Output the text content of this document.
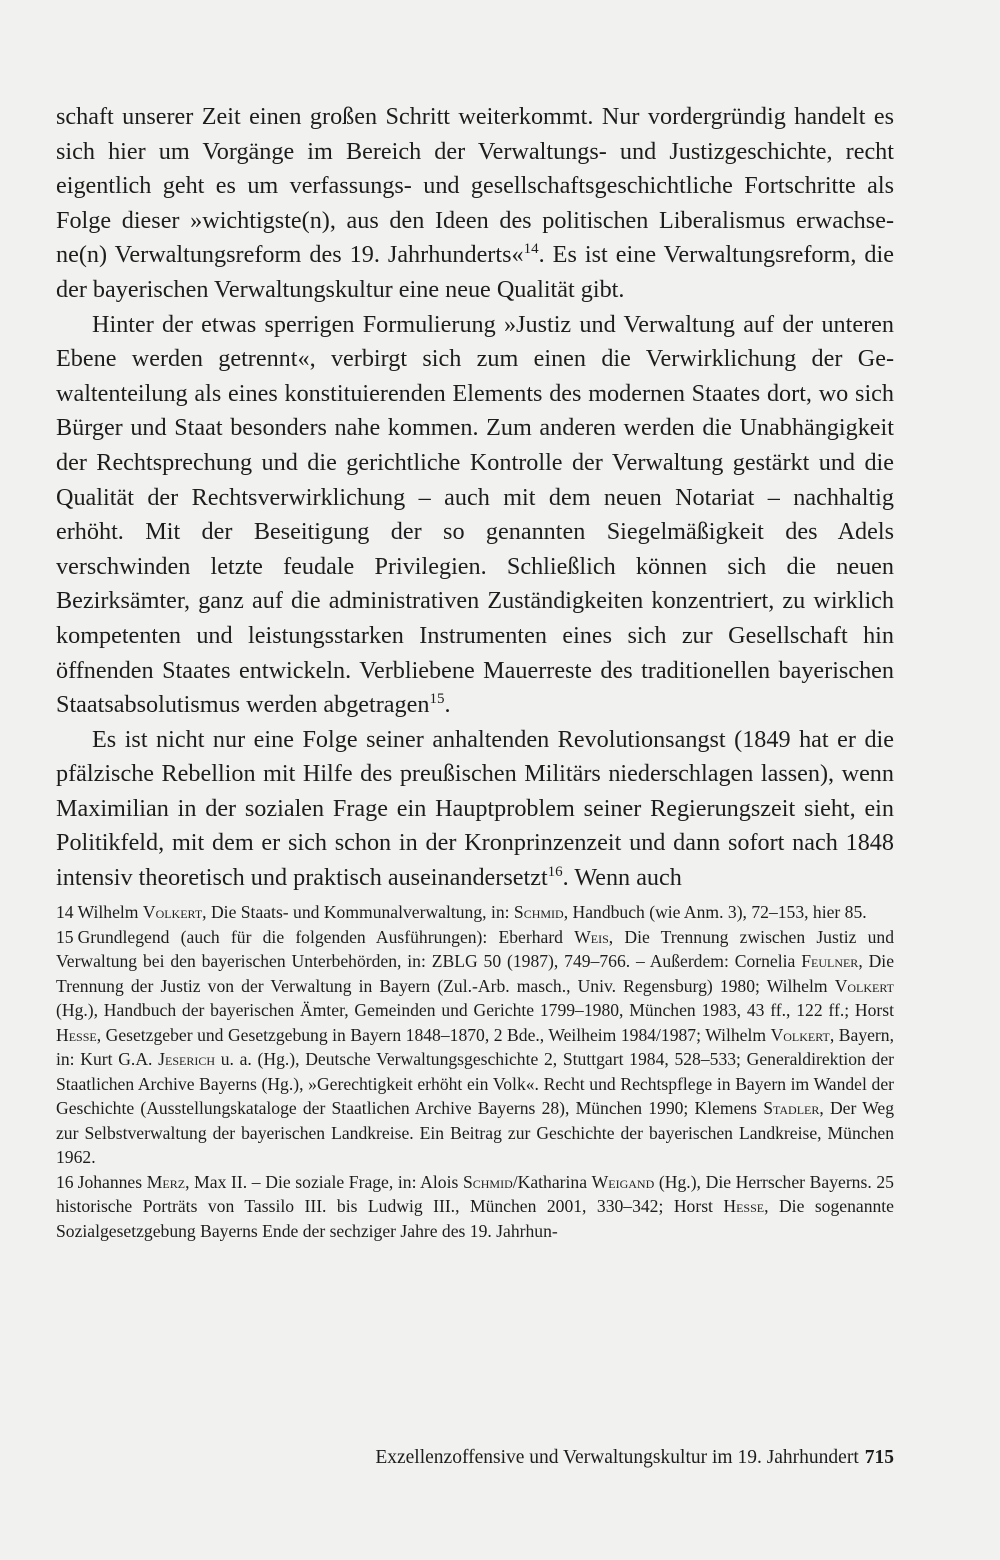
schaft unserer Zeit einen großen Schritt weiterkommt. Nur vordergründig handelt es sich hier um Vorgänge im Bereich der Verwaltungs- und Justizgeschichte, recht eigentlich geht es um verfassungs- und gesellschaftsgeschichtliche Fortschritte als Folge dieser »wichtigste(n), aus den Ideen des politischen Liberalismus erwachsene(n) Verwaltungsreform des 19. Jahrhunderts«$^{14}$. Es ist eine Verwaltungsreform, die der bayerischen Verwaltungskultur eine neue Qualität gibt.

Hinter der etwas sperrigen Formulierung »Justiz und Verwaltung auf der unteren Ebene werden getrennt«, verbirgt sich zum einen die Verwirklichung der Gewaltenteilung als eines konstituierenden Elements des modernen Staates dort, wo sich Bürger und Staat besonders nahe kommen. Zum anderen werden die Unabhängigkeit der Rechtsprechung und die gerichtliche Kontrolle der Verwaltung gestärkt und die Qualität der Rechtsverwirklichung – auch mit dem neuen Notariat – nachhaltig erhöht. Mit der Beseitigung der so genannten Siegelmäßigkeit des Adels verschwinden letzte feudale Privilegien. Schließlich können sich die neuen Bezirksämter, ganz auf die administrativen Zuständigkeiten konzentriert, zu wirklich kompetenten und leistungsstarken Instrumenten eines sich zur Gesellschaft hin öffnenden Staates entwickeln. Verbliebene Mauerreste des traditionellen bayerischen Staatsabsolutismus werden abgetragen$^{15}$.

Es ist nicht nur eine Folge seiner anhaltenden Revolutionsangst (1849 hat er die pfälzische Rebellion mit Hilfe des preußischen Militärs niederschlagen lassen), wenn Maximilian in der sozialen Frage ein Hauptproblem seiner Regierungszeit sieht, ein Politikfeld, mit dem er sich schon in der Kronprinzenzeit und dann sofort nach 1848 intensiv theoretisch und praktisch auseinandersetzt$^{16}$. Wenn auch

14 Wilhelm Volkert, Die Staats- und Kommunalverwaltung, in: Schmid, Handbuch (wie Anm. 3), 72–153, hier 85.

15 Grundlegend (auch für die folgenden Ausführungen): Eberhard Weis, Die Trennung zwischen Justiz und Verwaltung bei den bayerischen Unterbehörden, in: ZBLG 50 (1987), 749–766. – Außerdem: Cornelia Feulner, Die Trennung der Justiz von der Verwaltung in Bayern (Zul.-Arb. masch., Univ. Regensburg) 1980; Wilhelm Volkert (Hg.), Handbuch der bayerischen Ämter, Gemeinden und Gerichte 1799–1980, München 1983, 43 ff., 122 ff.; Horst Hesse, Gesetzgeber und Gesetzgebung in Bayern 1848–1870, 2 Bde., Weilheim 1984/1987; Wilhelm Volkert, Bayern, in: Kurt G.A. Jeserich u. a. (Hg.), Deutsche Verwaltungsgeschichte 2, Stuttgart 1984, 528–533; Generaldirektion der Staatlichen Archive Bayerns (Hg.), »Gerechtigkeit erhöht ein Volk«. Recht und Rechtspflege in Bayern im Wandel der Geschichte (Ausstellungskataloge der Staatlichen Archive Bayerns 28), München 1990; Klemens Stadler, Der Weg zur Selbstverwaltung der bayerischen Landkreise. Ein Beitrag zur Geschichte der bayerischen Landkreise, München 1962.

16 Johannes Merz, Max II. – Die soziale Frage, in: Alois Schmid/Katharina Weigand (Hg.), Die Herrscher Bayerns. 25 historische Porträts von Tassilo III. bis Ludwig III., München 2001, 330–342; Horst Hesse, Die sogenannte Sozialgesetzgebung Bayerns Ende der sechziger Jahre des 19. Jahrhun-

Exzellenzoffensive und Verwaltungskultur im 19. Jahrhundert 715
